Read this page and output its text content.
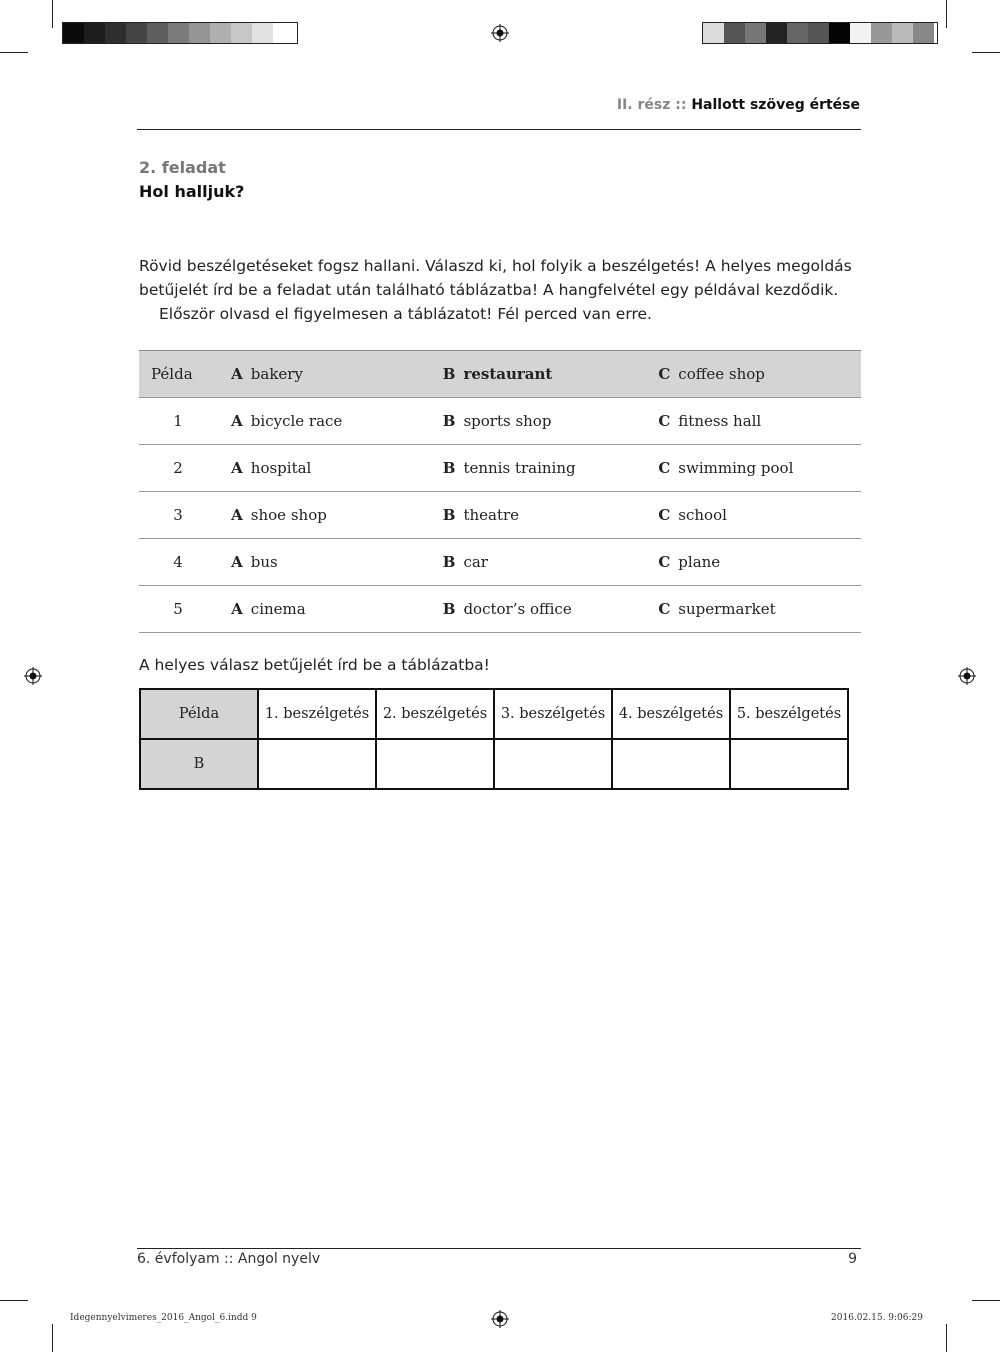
II. rész :: Hallott szöveg értése
2. feladat
Hol halljuk?

Rövid beszélgetéseket fogsz hallani. Válaszd ki, hol folyik a beszélgetés! A helyes megoldás

betűjelét írd be a feladat után található táblázatba! A hangfelvétel egy példával kezdődik.

Először olvasd el figyelmesen a táblázatot! Fél perced van erre.

Példa	A bakery	B restaurant	C coffee shop
1	A bicycle race	B sports shop	C fitness hall
2	A hospital	B tennis training	C swimming pool
3	A shoe shop	B theatre	C school
4	A bus	B car	C plane
5	A cinema	B doctor’s office	C supermarket
A helyes válasz betűjelét írd be a táblázatba!
Példa	1. beszélgetés	2. beszélgetés	3. beszélgetés	4. beszélgetés	5. beszélgetés
B					
6. évfolyam :: Angol nyelv	9
Idegennyelvimeres_2016_Angol_6.indd 9	2016.02.15. 9:06:29
